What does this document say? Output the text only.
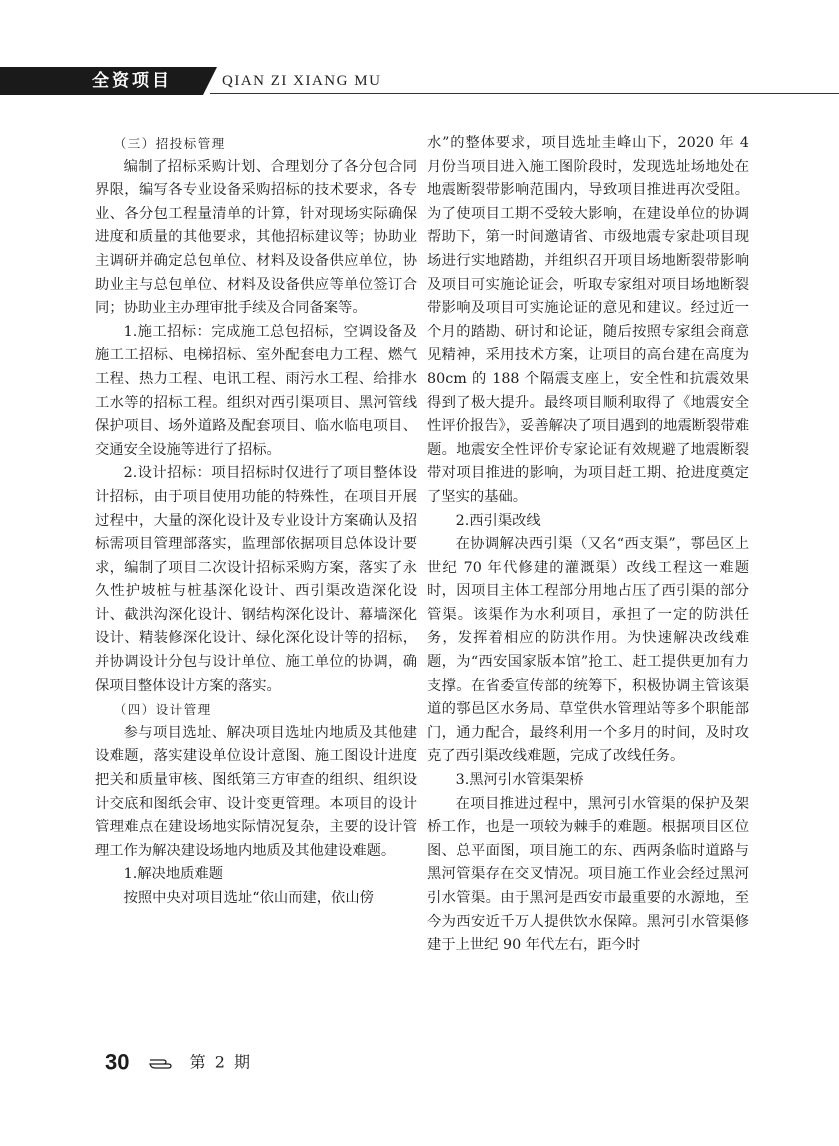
全资项目	QIAN ZI XIANG MU

（三）招投标管理

编制了招标采购计划、合理划分了各分包合同界限，编写各专业设备采购招标的技术要求，各专业、各分包工程量清单的计算，针对现场实际确保进度和质量的其他要求，其他招标建议等；协助业主调研并确定总包单位、材料及设备供应单位，协助业主与总包单位、材料及设备供应等单位签订合同；协助业主办理审批手续及合同备案等。

1.施工招标：完成施工总包招标，空调设备及施工工招标、电梯招标、室外配套电力工程、燃气工程、热力工程、电讯工程、雨污水工程、给排水工水等的招标工程。组织对西引渠项目、黑河管线保护项目、场外道路及配套项目、临水临电项目、交通安全设施等进行了招标。

2.设计招标：项目招标时仅进行了项目整体设计招标，由于项目使用功能的特殊性，在项目开展过程中，大量的深化设计及专业设计方案确认及招标需项目管理部落实，监理部依据项目总体设计要求，编制了项目二次设计招标采购方案，落实了永久性护坡桩与桩基深化设计、西引渠改造深化设计、截洪沟深化设计、钢结构深化设计、幕墙深化设计、精装修深化设计、绿化深化设计等的招标，并协调设计分包与设计单位、施工单位的协调，确保项目整体设计方案的落实。

（四）设计管理

参与项目选址、解决项目选址内地质及其他建设难题，落实建设单位设计意图、施工图设计进度把关和质量审核、图纸第三方审查的组织、组织设计交底和图纸会审、设计变更管理。本项目的设计管理难点在建设场地实际情况复杂，主要的设计管理工作为解决建设场地内地质及其他建设难题。

1.解决地质难题

按照中央对项目选址“依山而建，依山傍

水”的整体要求，项目选址圭峰山下，2020 年 4 月份当项目进入施工图阶段时，发现选址场地处在地震断裂带影响范围内，导致项目推进再次受阻。为了使项目工期不受较大影响，在建设单位的协调帮助下，第一时间邀请省、市级地震专家赴项目现场进行实地踏勘，并组织召开项目场地断裂带影响及项目可实施论证会，听取专家组对项目场地断裂带影响及项目可实施论证的意见和建议。经过近一个月的踏勘、研讨和论证，随后按照专家组会商意见精神，采用技术方案，让项目的高台建在高度为 80cm 的 188 个隔震支座上，安全性和抗震效果得到了极大提升。最终项目顺利取得了《地震安全性评价报告》，妥善解决了项目遇到的地震断裂带难题。地震安全性评价专家论证有效规避了地震断裂带对项目推进的影响，为项目赶工期、抢进度奠定了坚实的基础。

2.西引渠改线

在协调解决西引渠（又名“西支渠”，鄠邑区上世纪 70 年代修建的灌溉渠）改线工程这一难题时，因项目主体工程部分用地占压了西引渠的部分管渠。该渠作为水利项目，承担了一定的防洪任务，发挥着相应的防洪作用。为快速解决改线难题，为“西安国家版本馆”抢工、赶工提供更加有力支撑。在省委宣传部的统筹下，积极协调主管该渠道的鄠邑区水务局、草堂供水管理站等多个职能部门，通力配合，最终利用一个多月的时间，及时攻克了西引渠改线难题，完成了改线任务。

3.黑河引水管渠架桥

在项目推进过程中，黑河引水管渠的保护及架桥工作，也是一项较为棘手的难题。根据项目区位图、总平面图，项目施工的东、西两条临时道路与黑河管渠存在交叉情况。项目施工作业会经过黑河引水管渠。由于黑河是西安市最重要的水源地，至今为西安近千万人提供饮水保障。黑河引水管渠修建于上世纪 90 年代左右，距今时

30	第 2 期
